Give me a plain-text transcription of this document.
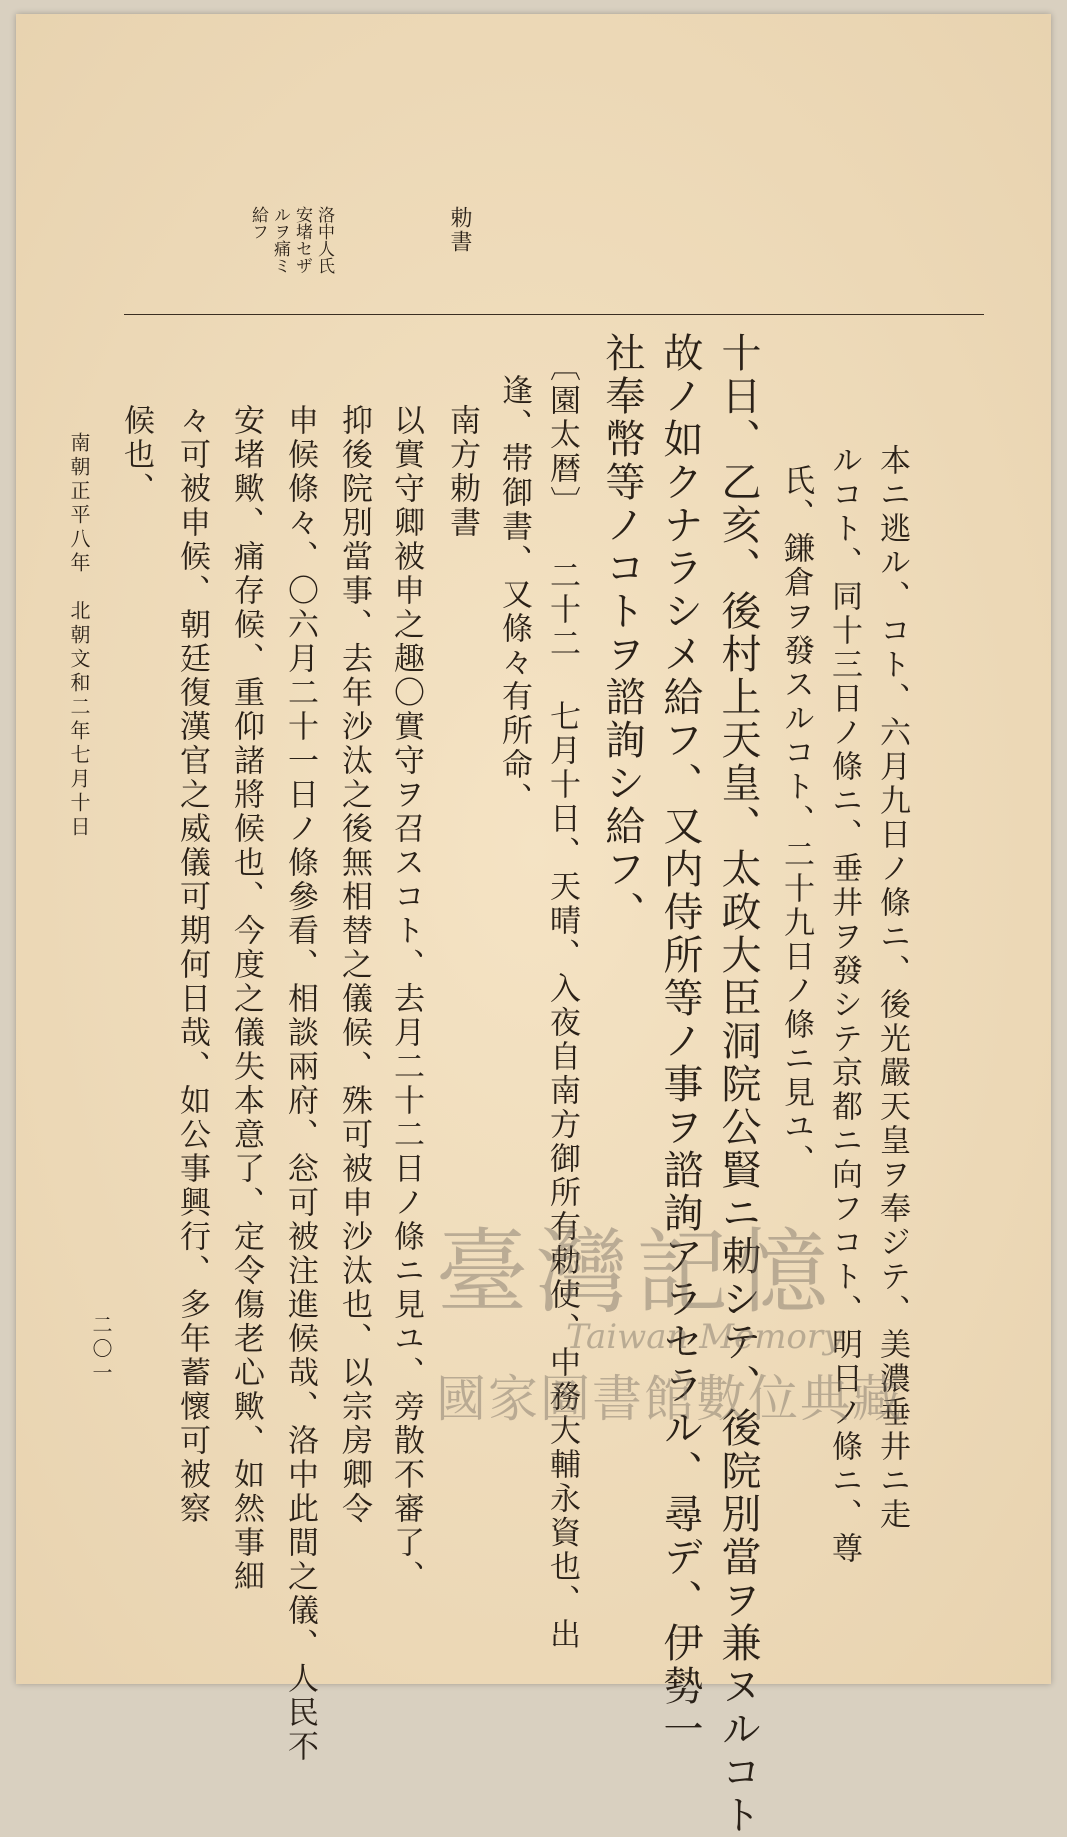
勅書
洛中人氏
安堵セザ
ルヲ痛ミ
給フ
本ニ逃ル、コト、六月九日ノ條ニ、後光嚴天皇ヲ奉ジテ、美濃垂井ニ走
ルコト、同十三日ノ條ニ、垂井ヲ發シテ京都ニ向フコト、明日ノ條ニ、尊
氏、鎌倉ヲ發スルコト、二十九日ノ條ニ見ユ、
十日、乙亥、後村上天皇、太政大臣洞院公賢ニ勅シテ、後院別當ヲ兼ヌルコト
故ノ如クナラシメ給フ、又内侍所等ノ事ヲ諮詢アラセラル、尋デ、伊勢一
社奉幣等ノコトヲ諮詢シ給フ、
〔園太暦〕 二十二 七月十日、天晴、入夜自南方御所有勅使、中務大輔永資也、出
逢、帯御書、又條々有所命、
南方勅書
以實守卿被申之趣〇實守ヲ召スコト、去月二十二日ノ條ニ見ユ、旁散不審了、
抑後院別當事、去年沙汰之後無相替之儀候、殊可被申沙汰也、以宗房卿令
申候條々、〇六月二十一日ノ條參看、相談兩府、忩可被注進候哉、洛中此間之儀、人民不
安堵歟、痛存候、重仰諸將候也、今度之儀失本意了、定令傷老心歟、如然事細
々可被申候、朝廷復漢官之威儀可期何日哉、如公事興行、多年蓄懷可被察
候也、
南朝正平八年　北朝文和二年七月十日
二〇一
臺灣記憶
Taiwan Memory
國家圖書館數位典藏
